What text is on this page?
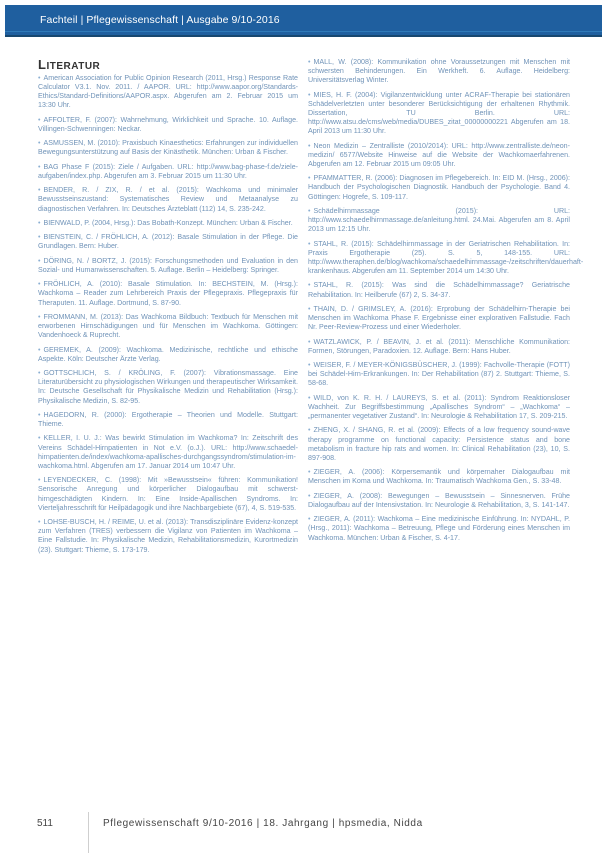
Fachteil | Pflegewissenschaft | Ausgabe 9/10-2016
LITERATUR
• American Association for Public Opinion Research (2011, Hrsg.) Response Rate Calculator V3.1. Nov. 2011. / AAPOR. URL: http://www.aapor.org/Standards-Ethics/Standard-Definitions/AAPOR.aspx. Abgerufen am 2. Februar 2015 um 13:30 Uhr.
• AFFOLTER, F. (2007): Wahrnehmung, Wirklichkeit und Sprache. 10. Auflage. Villingen-Schwenningen: Neckar.
• ASMUSSEN, M. (2010): Praxisbuch Kinaesthetics: Erfahrungen zur individuellen Bewegungsunterstützung auf Basis der Kinästhetik. München: Urban & Fischer.
• BAG Phase F (2015): Ziele / Aufgaben. URL: http://www.bag-phase-f.de/ziele-aufgaben/index.php. Abgerufen am 3. Februar 2015 um 11:30 Uhr.
• BENDER, R. / ZIX, R. / et al. (2015): Wachkoma und minimaler Bewusstseinszustand: Systematisches Review und Metaanalyse zu diagnostischen Verfahren. In: Deutsches Ärzteblatt (112) 14, S. 235-242.
• BIENWALD, P. (2004, Hrsg.): Das Bobath-Konzept. München: Urban & Fischer.
• BIENSTEIN, C. / FRÖHLICH, A. (2012): Basale Stimulation in der Pflege. Die Grundlagen. Bern: Huber.
• DÖRING, N. / BORTZ, J. (2015): Forschungsmethoden und Evaluation in den Sozial- und Humanwissenschaften. 5. Auflage. Berlin – Heidelberg: Springer.
• FRÖHLICH, A. (2010): Basale Stimulation. In: BECHSTEIN, M. (Hrsg.): Wachkoma – Reader zum Lehrbereich Praxis der Pflegepraxis. Pflegepraxis für Theraputen. 11. Auflage. Dortmund, S. 87-90.
• FROMMANN, M. (2013): Das Wachkoma Bildbuch: Textbuch für Menschen mit erworbenen Hirnschädigungen und für Menschen im Wachkoma. Göttingen: Vandenhoeck & Ruprecht.
• GEREMEK, A. (2009): Wachkoma. Medizinische, rechtliche und ethische Aspekte. Köln: Deutscher Ärzte Verlag.
• GOTTSCHLICH, S. / KRÖLING, F. (2007): Vibrationsmassage. Eine Literaturübersicht zu physiologischen Wirkungen und therapeutischer Wirksamkeit. In: Deutsche Gesellschaft für Physikalische Medizin und Rehabilitation (Hrsg.): Physikalische Medizin, S. 82-95.
• HAGEDORN, R. (2000): Ergotherapie – Theorien und Modelle. Stuttgart: Thieme.
• KELLER, I. U. J.: Was bewirkt Stimulation im Wachkoma? In: Zeitschrift des Vereins Schädel-Hirnpatienten in Not e.V. (o.J.). URL: http://www.schaedel-hirnpatienten.de/index/wachkoma-apallisches-durchgangssyndrom/stimulation-im-wachkoma.html. Abgerufen am 17. Januar 2014 um 10:47 Uhr.
• LEYENDECKER, C. (1998): Mit »Bewusstsein« führen: Kommunikation! Sensorische Anregung und körperlicher Dialogaufbau mit schwerst-hirngeschädigten Kindern. In: Eine Inside-Apallischen Syndroms. In: Vierteljahresschrift für Heilpädagogik und ihre Nachbargebiete (67), 4, S. 519-535.
• LOHSE-BUSCH, H. / REIME, U. et al. (2013): Transdisziplinäre Evidenz-konzept zum Verfahren (TRES) verbessern die Vigilanz von Patienten im Wachkoma – Eine Fallstudie. In: Physikalische Medizin, Rehabilitationsmedizin, Kurortmedizin (23). Stuttgart: Thieme, S. 173-179.
• MALL, W. (2008): Kommunikation ohne Voraussetzungen mit Menschen mit schwersten Behinderungen. Ein Werkheft. 6. Auflage. Heidelberg: Universitätsverlag Winter.
• MIES, H. F. (2004): Vigilanzentwicklung unter ACRAF-Therapie bei stationären Schädelverletzten unter besonderer Berücksichtigung der erhaltenen Rhythmik. Dissertation, TU Berlin. URL: http://www.atsu.de/cms/web/media/DUBES_zitat_00000000221 Abgerufen am 18. April 2013 um 11:30 Uhr.
• Neon Medizin – Zentralliste (2010/2014): URL: http://www.zentralliste.de/neon-medizin/ 6577/Website Hinweise auf die Website der Wachkomaerfahrenen. Abgerufen am 12. Februar 2015 um 09:05 Uhr.
• PFAMMATTER, R. (2006): Diagnosen im Pflegebereich. In: EID M. (Hrsg., 2006): Handbuch der Psychologischen Diagnostik. Handbuch der Psychologie. Band 4. Göttingen: Hogrefe, S. 109-117.
• Schädelhirnmassage (2015): URL: http://www.schaedelhirnmassage.de/anleitung.html. 24.Mai. Abgerufen am 8. April 2013 um 12:15 Uhr.
• STAHL, R. (2015): Schädelhirnmassage in der Geriatrischen Rehabilitation. In: Praxis Ergotherapie (25). S. 5, 148-155. URL: http://www.theraphen.de/blog/wachkoma/schaedelhirnmassage-/zeitschriften/dauerhaft-krankenhaus. Abgerufen am 11. September 2014 um 14:30 Uhr.
• STAHL, R. (2015): Was sind die Schädelhirnmassage? Geriatrische Rehabilitation. In: Heilberufe (67) 2, S. 34-37.
• THAIN, D. / GRIMSLEY, A. (2016): Erprobung der Schädelhirn-Therapie bei Menschen im Wachkoma Phase F. Ergebnisse einer explorativen Fallstudie. Fach Nr. Peer-Review-Prozess und einer Wiederholer.
• WATZLAWICK, P. / BEAVIN, J. et al. (2011): Menschliche Kommunikation: Formen, Störungen, Paradoxien. 12. Auflage. Bern: Hans Huber.
• WEISER, F. / MEYER-KÖNIGSBÜSCHER, J. (1999): Fachvolle-Therapie (FOTT) bei Schädel-Hirn-Erkrankungen. In: Der Rehabilitation (87) 2. Stuttgart: Thieme, S. 58-68.
• WILD, von K. R. H. / LAUREYS, S. et al. (2011): Syndrom Reaktionsloser Wachheit. Zur Begriffsbestimmung „Apallisches Syndrom“ – „Wachkoma“ – „permanenter vegetativer Zustand“. In: Neurologie & Rehabilitation 17, S. 209-215.
• ZHENG, X. / SHANG, R. et al. (2009): Effects of a low frequency sound-wave therapy programme on functional capacity: Persistence status and bone metabolism in fracture hip rats and women. In: Clinical Rehabilitation (23), 10, S. 897-908.
• ZIEGER, A. (2006): Körpersemantik und körpernaher Dialogaufbau mit Menschen im Koma und Wachkoma. In: Traumatisch Wachkoma Gen., S. 33-48.
• ZIEGER, A. (2008): Bewegungen – Bewusstsein – Sinnesnerven. Frühe Dialogaufbau auf der Intensivstation. In: Neurologie & Rehabilitation, 3, S. 141-147.
• ZIEGER, A. (2011): Wachkoma – Eine medizinische Einführung. In: NYDAHL, P. (Hrsg., 2011): Wachkoma – Betreuung, Pflege und Förderung eines Menschen im Wachkoma. München: Urban & Fischer, S. 4-17.
511	Pflegewissenschaft 9/10-2016 | 18. Jahrgang | hpsmedia, Nidda
